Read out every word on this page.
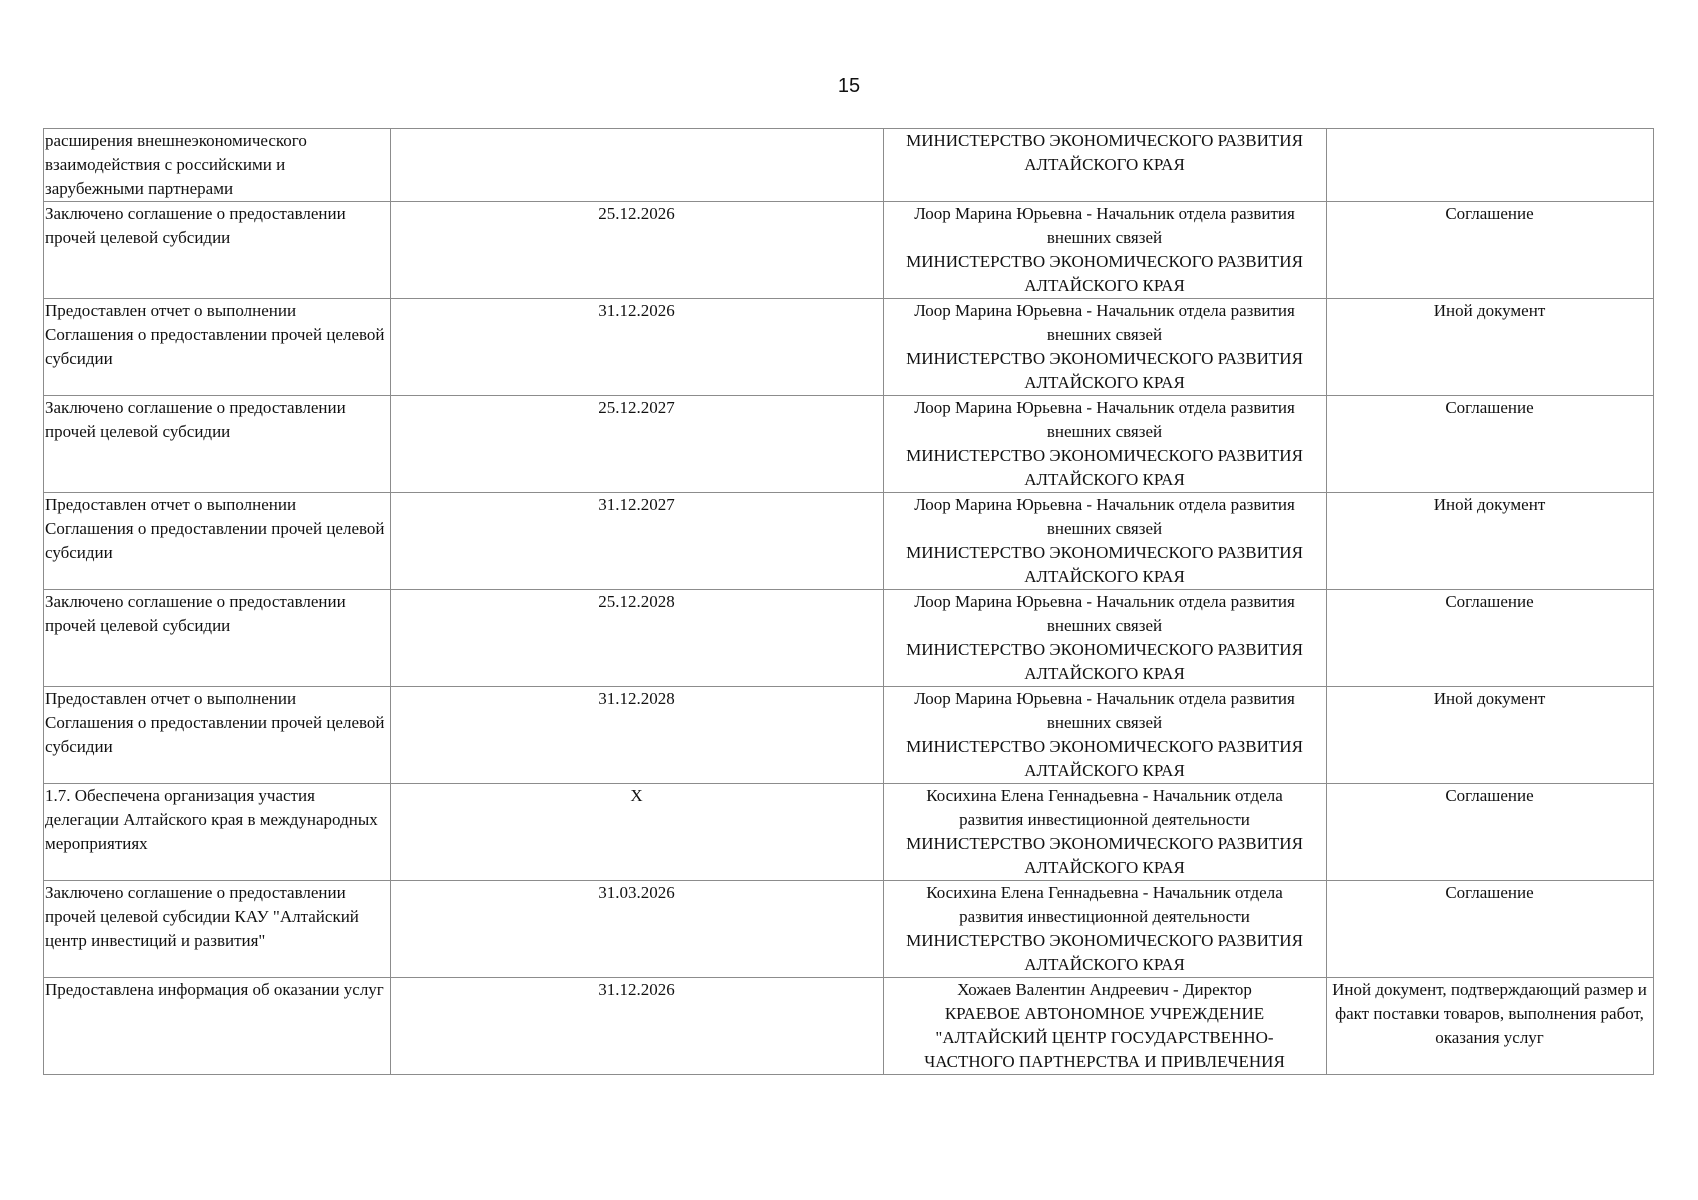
15
расширения внешнеэкономического взаимодействия с российскими и зарубежными партнерами		МИНИСТЕРСТВО ЭКОНОМИЧЕСКОГО РАЗВИТИЯ
АЛТАЙСКОГО КРАЯ	

Заключено соглашение о предоставлении прочей целевой субсидии	25.12.2026	Лоор Марина Юрьевна - Начальник отдела развития
внешних связей
МИНИСТЕРСТВО ЭКОНОМИЧЕСКОГО РАЗВИТИЯ
АЛТАЙСКОГО КРАЯ	Соглашение

Предоставлен отчет о выполнении Соглашения о предоставлении прочей целевой субсидии	31.12.2026	Лоор Марина Юрьевна - Начальник отдела развития
внешних связей
МИНИСТЕРСТВО ЭКОНОМИЧЕСКОГО РАЗВИТИЯ
АЛТАЙСКОГО КРАЯ	Иной документ

Заключено соглашение о предоставлении прочей целевой субсидии	25.12.2027	Лоор Марина Юрьевна - Начальник отдела развития
внешних связей
МИНИСТЕРСТВО ЭКОНОМИЧЕСКОГО РАЗВИТИЯ
АЛТАЙСКОГО КРАЯ	Соглашение

Предоставлен отчет о выполнении Соглашения о предоставлении прочей целевой субсидии	31.12.2027	Лоор Марина Юрьевна - Начальник отдела развития
внешних связей
МИНИСТЕРСТВО ЭКОНОМИЧЕСКОГО РАЗВИТИЯ
АЛТАЙСКОГО КРАЯ	Иной документ

Заключено соглашение о предоставлении прочей целевой субсидии	25.12.2028	Лоор Марина Юрьевна - Начальник отдела развития
внешних связей
МИНИСТЕРСТВО ЭКОНОМИЧЕСКОГО РАЗВИТИЯ
АЛТАЙСКОГО КРАЯ	Соглашение

Предоставлен отчет о выполнении Соглашения о предоставлении прочей целевой субсидии	31.12.2028	Лоор Марина Юрьевна - Начальник отдела развития
внешних связей
МИНИСТЕРСТВО ЭКОНОМИЧЕСКОГО РАЗВИТИЯ
АЛТАЙСКОГО КРАЯ	Иной документ

1.7. Обеспечена организация участия делегации Алтайского края в международных мероприятиях	X	Косихина Елена Геннадьевна - Начальник отдела
развития инвестиционной деятельности
МИНИСТЕРСТВО ЭКОНОМИЧЕСКОГО РАЗВИТИЯ
АЛТАЙСКОГО КРАЯ	Соглашение

Заключено соглашение о предоставлении прочей целевой субсидии КАУ "Алтайский центр инвестиций и развития"	31.03.2026	Косихина Елена Геннадьевна - Начальник отдела
развития инвестиционной деятельности
МИНИСТЕРСТВО ЭКОНОМИЧЕСКОГО РАЗВИТИЯ
АЛТАЙСКОГО КРАЯ	Соглашение

Предоставлена информация об оказании услуг	31.12.2026	Хожаев Валентин Андреевич - Директор
КРАЕВОЕ АВТОНОМНОЕ УЧРЕЖДЕНИЕ
"АЛТАЙСКИЙ ЦЕНТР ГОСУДАРСТВЕННО-
ЧАСТНОГО ПАРТНЕРСТВА И ПРИВЛЕЧЕНИЯ	Иной документ, подтверждающий размер и факт поставки товаров, выполнения работ, оказания услуг
